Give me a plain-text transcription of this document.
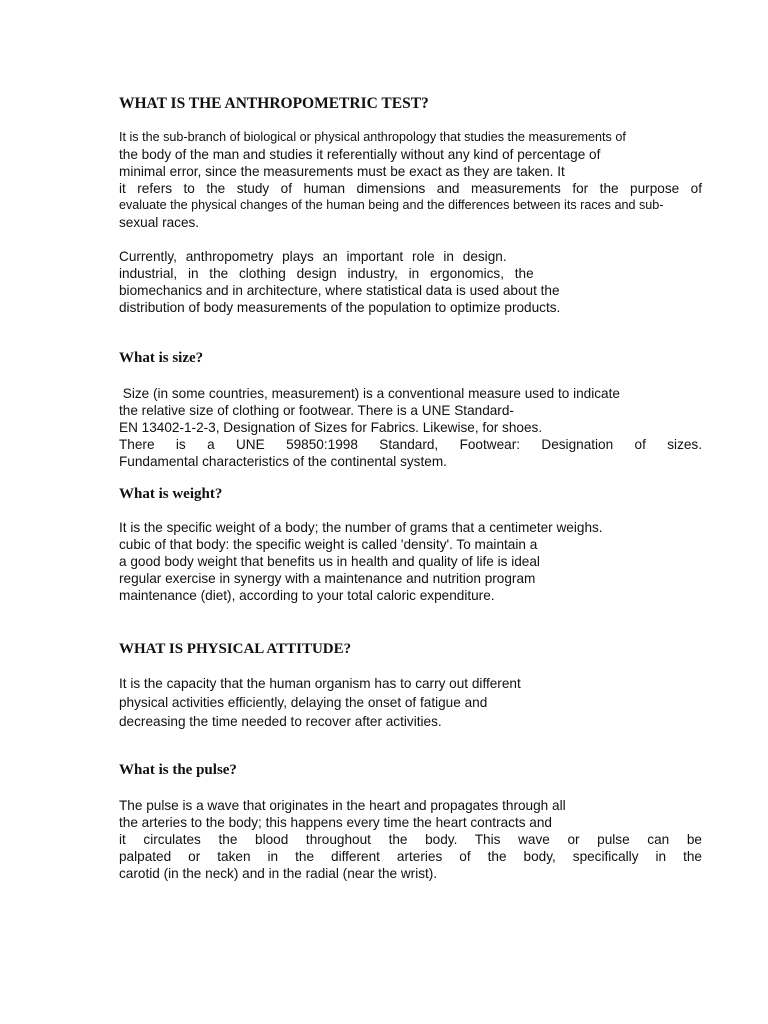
WHAT IS THE ANTHROPOMETRIC TEST?

It is the sub-branch of biological or physical anthropology that studies the measurements of

the body of the man and studies it referentially without any kind of percentage of

minimal error, since the measurements must be exact as they are taken. It

it refers to the study of human dimensions and measurements for the purpose of

evaluate the physical changes of the human being and the differences between its races and sub-

sexual races.

Currently, anthropometry plays an important role in design.

industrial, in the clothing design industry, in ergonomics, the

biomechanics and in architecture, where statistical data is used about the

distribution of body measurements of the population to optimize products.

What is size?

Size (in some countries, measurement) is a conventional measure used to indicate

the relative size of clothing or footwear. There is a UNE Standard-

EN 13402-1-2-3, Designation of Sizes for Fabrics. Likewise, for shoes.

There is a UNE 59850:1998 Standard, Footwear: Designation of sizes.

Fundamental characteristics of the continental system.

What is weight?

It is the specific weight of a body; the number of grams that a centimeter weighs.

cubic of that body: the specific weight is called 'density'. To maintain a

a good body weight that benefits us in health and quality of life is ideal

regular exercise in synergy with a maintenance and nutrition program

maintenance (diet), according to your total caloric expenditure.

WHAT IS PHYSICAL ATTITUDE?

It is the capacity that the human organism has to carry out different

physical activities efficiently, delaying the onset of fatigue and

decreasing the time needed to recover after activities.

What is the pulse?

The pulse is a wave that originates in the heart and propagates through all

the arteries to the body; this happens every time the heart contracts and

it circulates the blood throughout the body. This wave or pulse can be

palpated or taken in the different arteries of the body, specifically in the

carotid (in the neck) and in the radial (near the wrist).
